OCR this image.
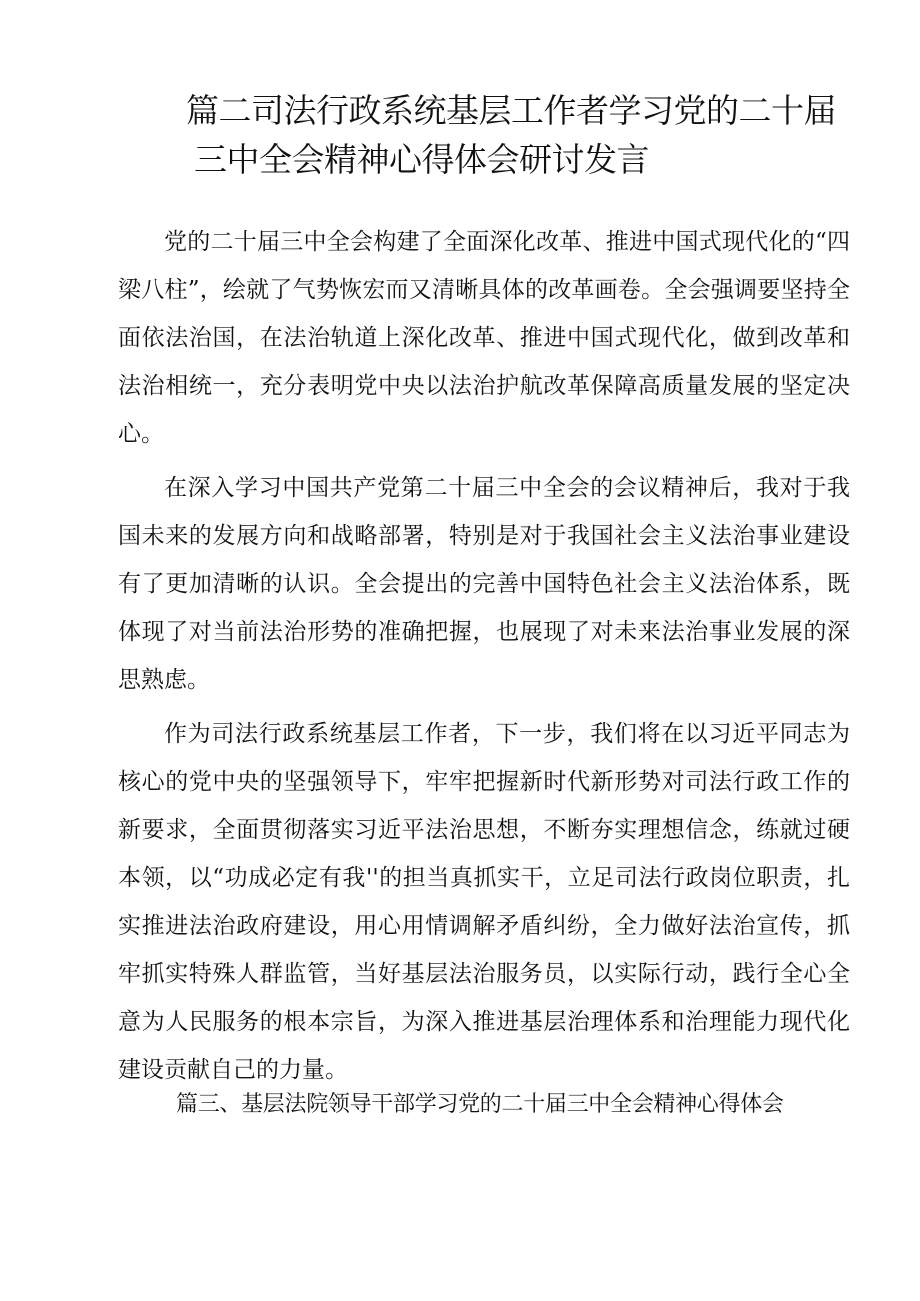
篇二司法行政系统基层工作者学习党的二十届
三中全会精神心得体会研讨发言

党的二十届三中全会构建了全面深化改革、推进中国式现代化的“四梁八柱”，绘就了气势恢宏而又清晰具体的改革画卷。全会强调要坚持全面依法治国，在法治轨道上深化改革、推进中国式现代化，做到改革和法治相统一，充分表明党中央以法治护航改革保障高质量发展的坚定决心。

在深入学习中国共产党第二十届三中全会的会议精神后，我对于我国未来的发展方向和战略部署，特别是对于我国社会主义法治事业建设有了更加清晰的认识。全会提出的完善中国特色社会主义法治体系，既体现了对当前法治形势的准确把握，也展现了对未来法治事业发展的深思熟虑。

作为司法行政系统基层工作者，下一步，我们将在以习近平同志为核心的党中央的坚强领导下，牢牢把握新时代新形势对司法行政工作的新要求，全面贯彻落实习近平法治思想，不断夯实理想信念，练就过硬本领，以“功成必定有我''的担当真抓实干，立足司法行政岗位职责，扎实推进法治政府建设，用心用情调解矛盾纠纷，全力做好法治宣传，抓牢抓实特殊人群监管，当好基层法治服务员，以实际行动，践行全心全意为人民服务的根本宗旨，为深入推进基层治理体系和治理能力现代化建设贡献自己的力量。

篇三、基层法院领导干部学习党的二十届三中全会精神心得体会
